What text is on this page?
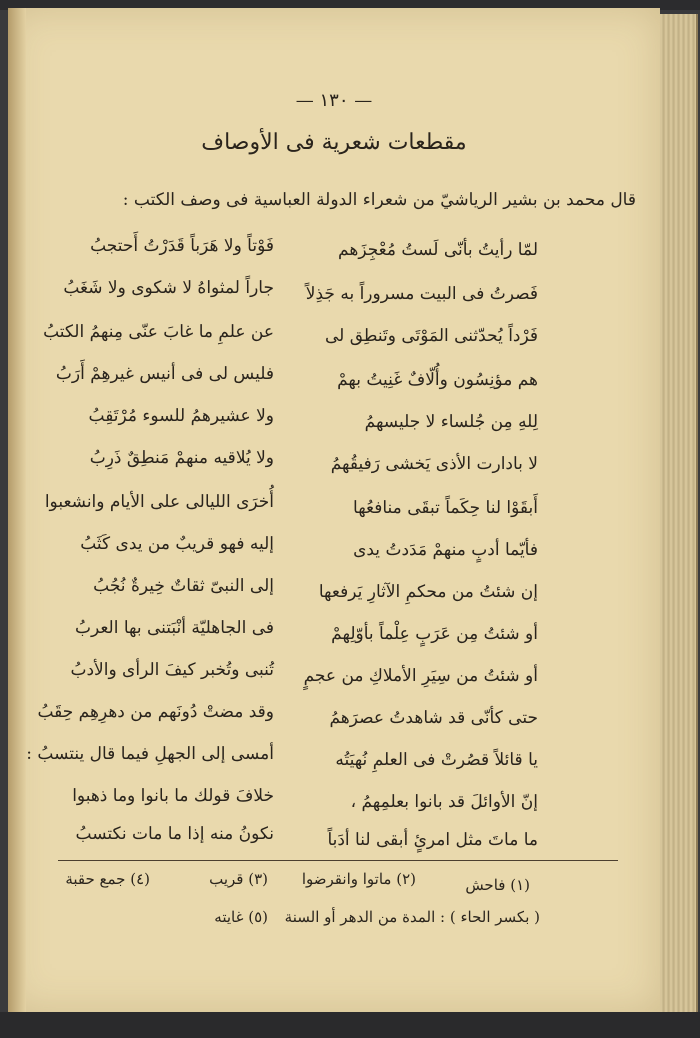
— ١٣٠ —
مقطعات شعرية فى الأوصاف
قال محمد بن بشير الرياشيّ من شعراء الدولة العباسية فى وصف الكتب :
لمّا رأيتُ بأنّى لَستُ مُعْجِزَهم
فَوْتاً ولا هَرَباً قَدَرْتُ أَحتجبُ
فَصرتُ فى البيت مسروراً به جَذِلاً
جاراً لمثواهُ لا شكوى ولا شَغَبُ
فَرْداً يُحدّثنى المَوْتَى وتَنطِق لى
عن علمِ ما غابَ عنّى مِنهمُ الكتبُ
هم مؤنِسُون وأُلّافٌ غَنِيتُ بهمْ
فليس لى فى أنيس غيرهِمْ أَرَبُ
لِلهِ مِن جُلساء لا جليسهمُ
ولا عشيرهمُ للسوء مُرْتَقِبُ
لا بادارت الأذى يَخشى رَفيقُهمُ
ولا يُلاقيه منهمْ مَنطِقٌ ذَرِبُ
أَبقَوْا لنا حِكَماً تبقَى منافعُها
أُخرَى الليالى على الأيام وانشعبوا
فأيّما أدبٍ منهمْ مَدَدتُ يدى
إليه فهو قريبٌ من يدى كَثَبُ
إن شئتُ من محكمِ الآثارِ يَرفعها
إلى النبىّ ثقاتٌ خِيرةٌ نُجُبُ
أو شئتُ مِن عَرَبٍ عِلْماً بأوّلِهمْ
فى الجاهليّة أنْبَتنى بها العربُ
أو شئتُ من سِيَرِ الأملاكِ من عجمٍ
تُنبى وتُخبر كيفَ الرأى والأدبُ
حتى كأنّى قد شاهدتُ عصرَهمُ
وقد مضتْ دُونَهم من دهرِهِم حِقَبُ
يا قائلاً قصُرتْ فى العلمِ نُهيَتُه
أمسى إلى الجهلِ فيما قال ينتسبُ :
إنّ الأوائلَ قد بانوا بعلمِهمُ ،
خلافَ قولك ما بانوا وما ذهبوا
ما ماتَ مثل امرئٍ أبقى لنا أدَباً
نكونُ منه إذا ما مات نكتسبُ
(١) فاحش
(٢) ماتوا وانقرضوا
(٣) قريب
(٤) جمع حقبة
( بكسر الحاء ) : المدة من الدهر أو السنة
(٥) غايته
